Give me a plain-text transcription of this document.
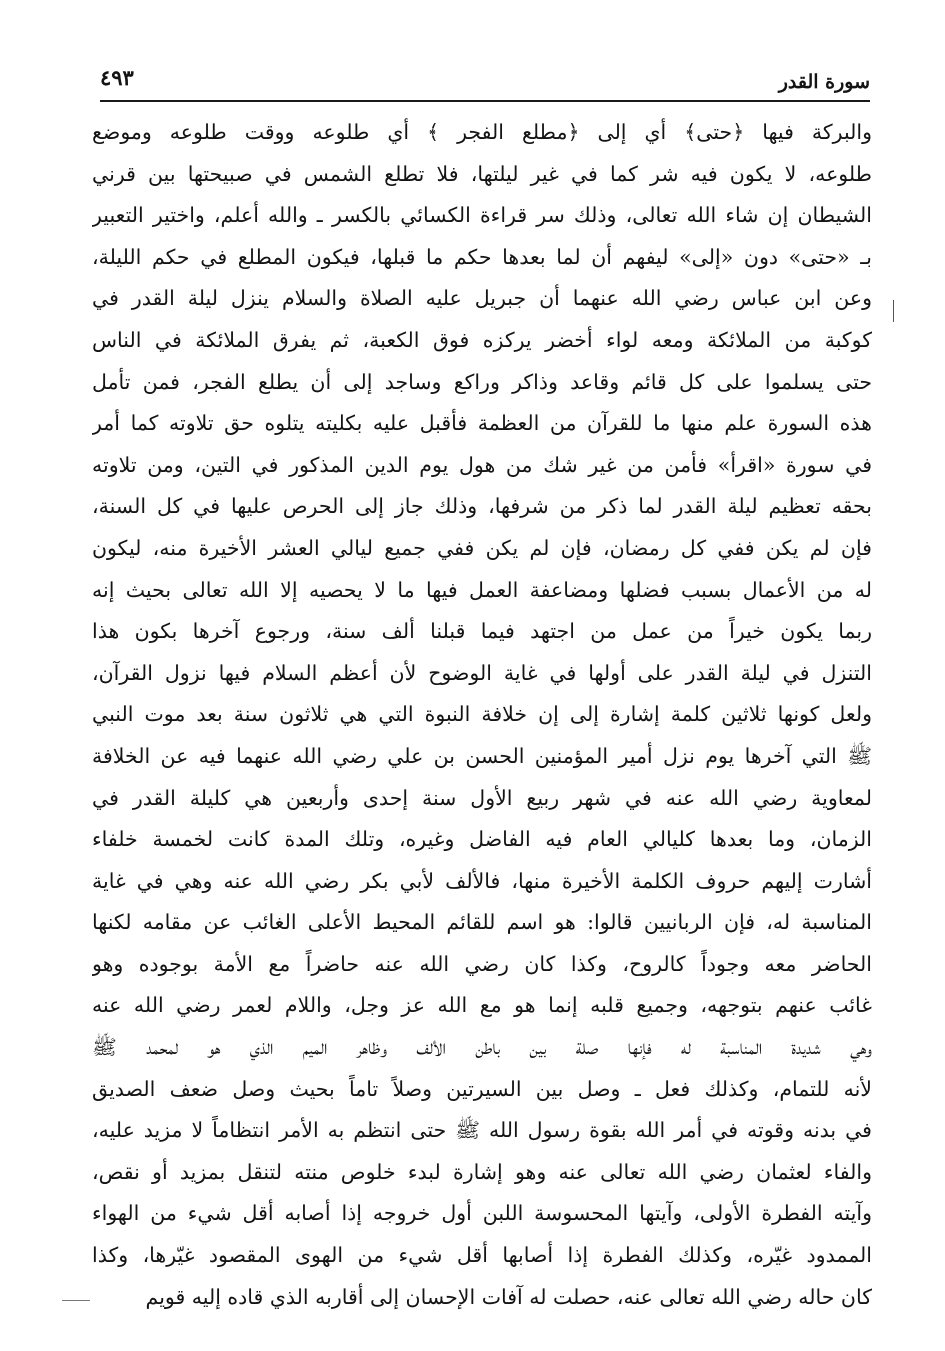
سورة القدر
٤٩٣
والبركة فيها ﴿حتى﴾ أي إلى ﴿مطلع الفجر ﴾ أي طلوعه ووقت طلوعه وموضع
طلوعه، لا يكون فيه شر كما في غير ليلتها، فلا تطلع الشمس في صبيحتها بين قرني
الشيطان إن شاء الله تعالى، وذلك سر قراءة الكسائي بالكسر ـ والله أعلم، واختير التعبير
بـ «حتى» دون «إلى» ليفهم أن لما بعدها حكم ما قبلها، فيكون المطلع في حكم الليلة،
وعن ابن عباس رضي الله عنهما أن جبريل عليه الصلاة والسلام ينزل ليلة القدر في
كوكبة من الملائكة ومعه لواء أخضر يركزه فوق الكعبة، ثم يفرق الملائكة في الناس
حتى يسلموا على كل قائم وقاعد وذاكر وراكع وساجد إلى أن يطلع الفجر، فمن تأمل
هذه السورة علم منها ما للقرآن من العظمة فأقبل عليه بكليته يتلوه حق تلاوته كما أمر
في سورة «اقرأ» فأمن من غير شك من هول يوم الدين المذكور في التين، ومن تلاوته
بحقه تعظيم ليلة القدر لما ذكر من شرفها، وذلك جاز إلى الحرص عليها في كل السنة،
فإن لم يكن ففي كل رمضان، فإن لم يكن ففي جميع ليالي العشر الأخيرة منه، ليكون
له من الأعمال بسبب فضلها ومضاعفة العمل فيها ما لا يحصيه إلا الله تعالى بحيث إنه
ربما يكون خيراً من عمل من اجتهد فيما قبلنا ألف سنة، ورجوع آخرها بكون هذا
التنزل في ليلة القدر على أولها في غاية الوضوح لأن أعظم السلام فيها نزول القرآن،
ولعل كونها ثلاثين كلمة إشارة إلى إن خلافة النبوة التي هي ثلاثون سنة بعد موت النبي
ﷺ التي آخرها يوم نزل أمير المؤمنين الحسن بن علي رضي الله عنهما فيه عن الخلافة
لمعاوية رضي الله عنه في شهر ربيع الأول سنة إحدى وأربعين هي كليلة القدر في
الزمان، وما بعدها كليالي العام فيه الفاضل وغيره، وتلك المدة كانت لخمسة خلفاء
أشارت إليهم حروف الكلمة الأخيرة منها، فالألف لأبي بكر رضي الله عنه وهي في غاية
المناسبة له، فإن الربانيين قالوا: هو اسم للقائم المحيط الأعلى الغائب عن مقامه لكنها
الحاضر معه وجوداً كالروح، وكذا كان رضي الله عنه حاضراً مع الأمة بوجوده وهو
غائب عنهم بتوجهه، وجميع قلبه إنما هو مع الله عز وجل، واللام لعمر رضي الله عنه
وهي شديدة المناسبة له فإنها صلة بين باطن الألف وظاهر الميم الذي هو لمحمد ﷺ
لأنه للتمام، وكذلك فعل ـ وصل بين السيرتين وصلاً تاماً بحيث وصل ضعف الصديق
في بدنه وقوته في أمر الله بقوة رسول الله ﷺ حتى انتظم به الأمر انتظاماً لا مزيد عليه،
والفاء لعثمان رضي الله تعالى عنه وهو إشارة لبدء خلوص منته لتنقل بمزيد أو نقص،
وآيته الفطرة الأولى، وآيتها المحسوسة اللبن أول خروجه إذا أصابه أقل شيء من الهواء
الممدود غيّره، وكذلك الفطرة إذا أصابها أقل شيء من الهوى المقصود غيّرها، وكذا
كان حاله رضي الله تعالى عنه، حصلت له آفات الإحسان إلى أقاربه الذي قاده إليه قويم
